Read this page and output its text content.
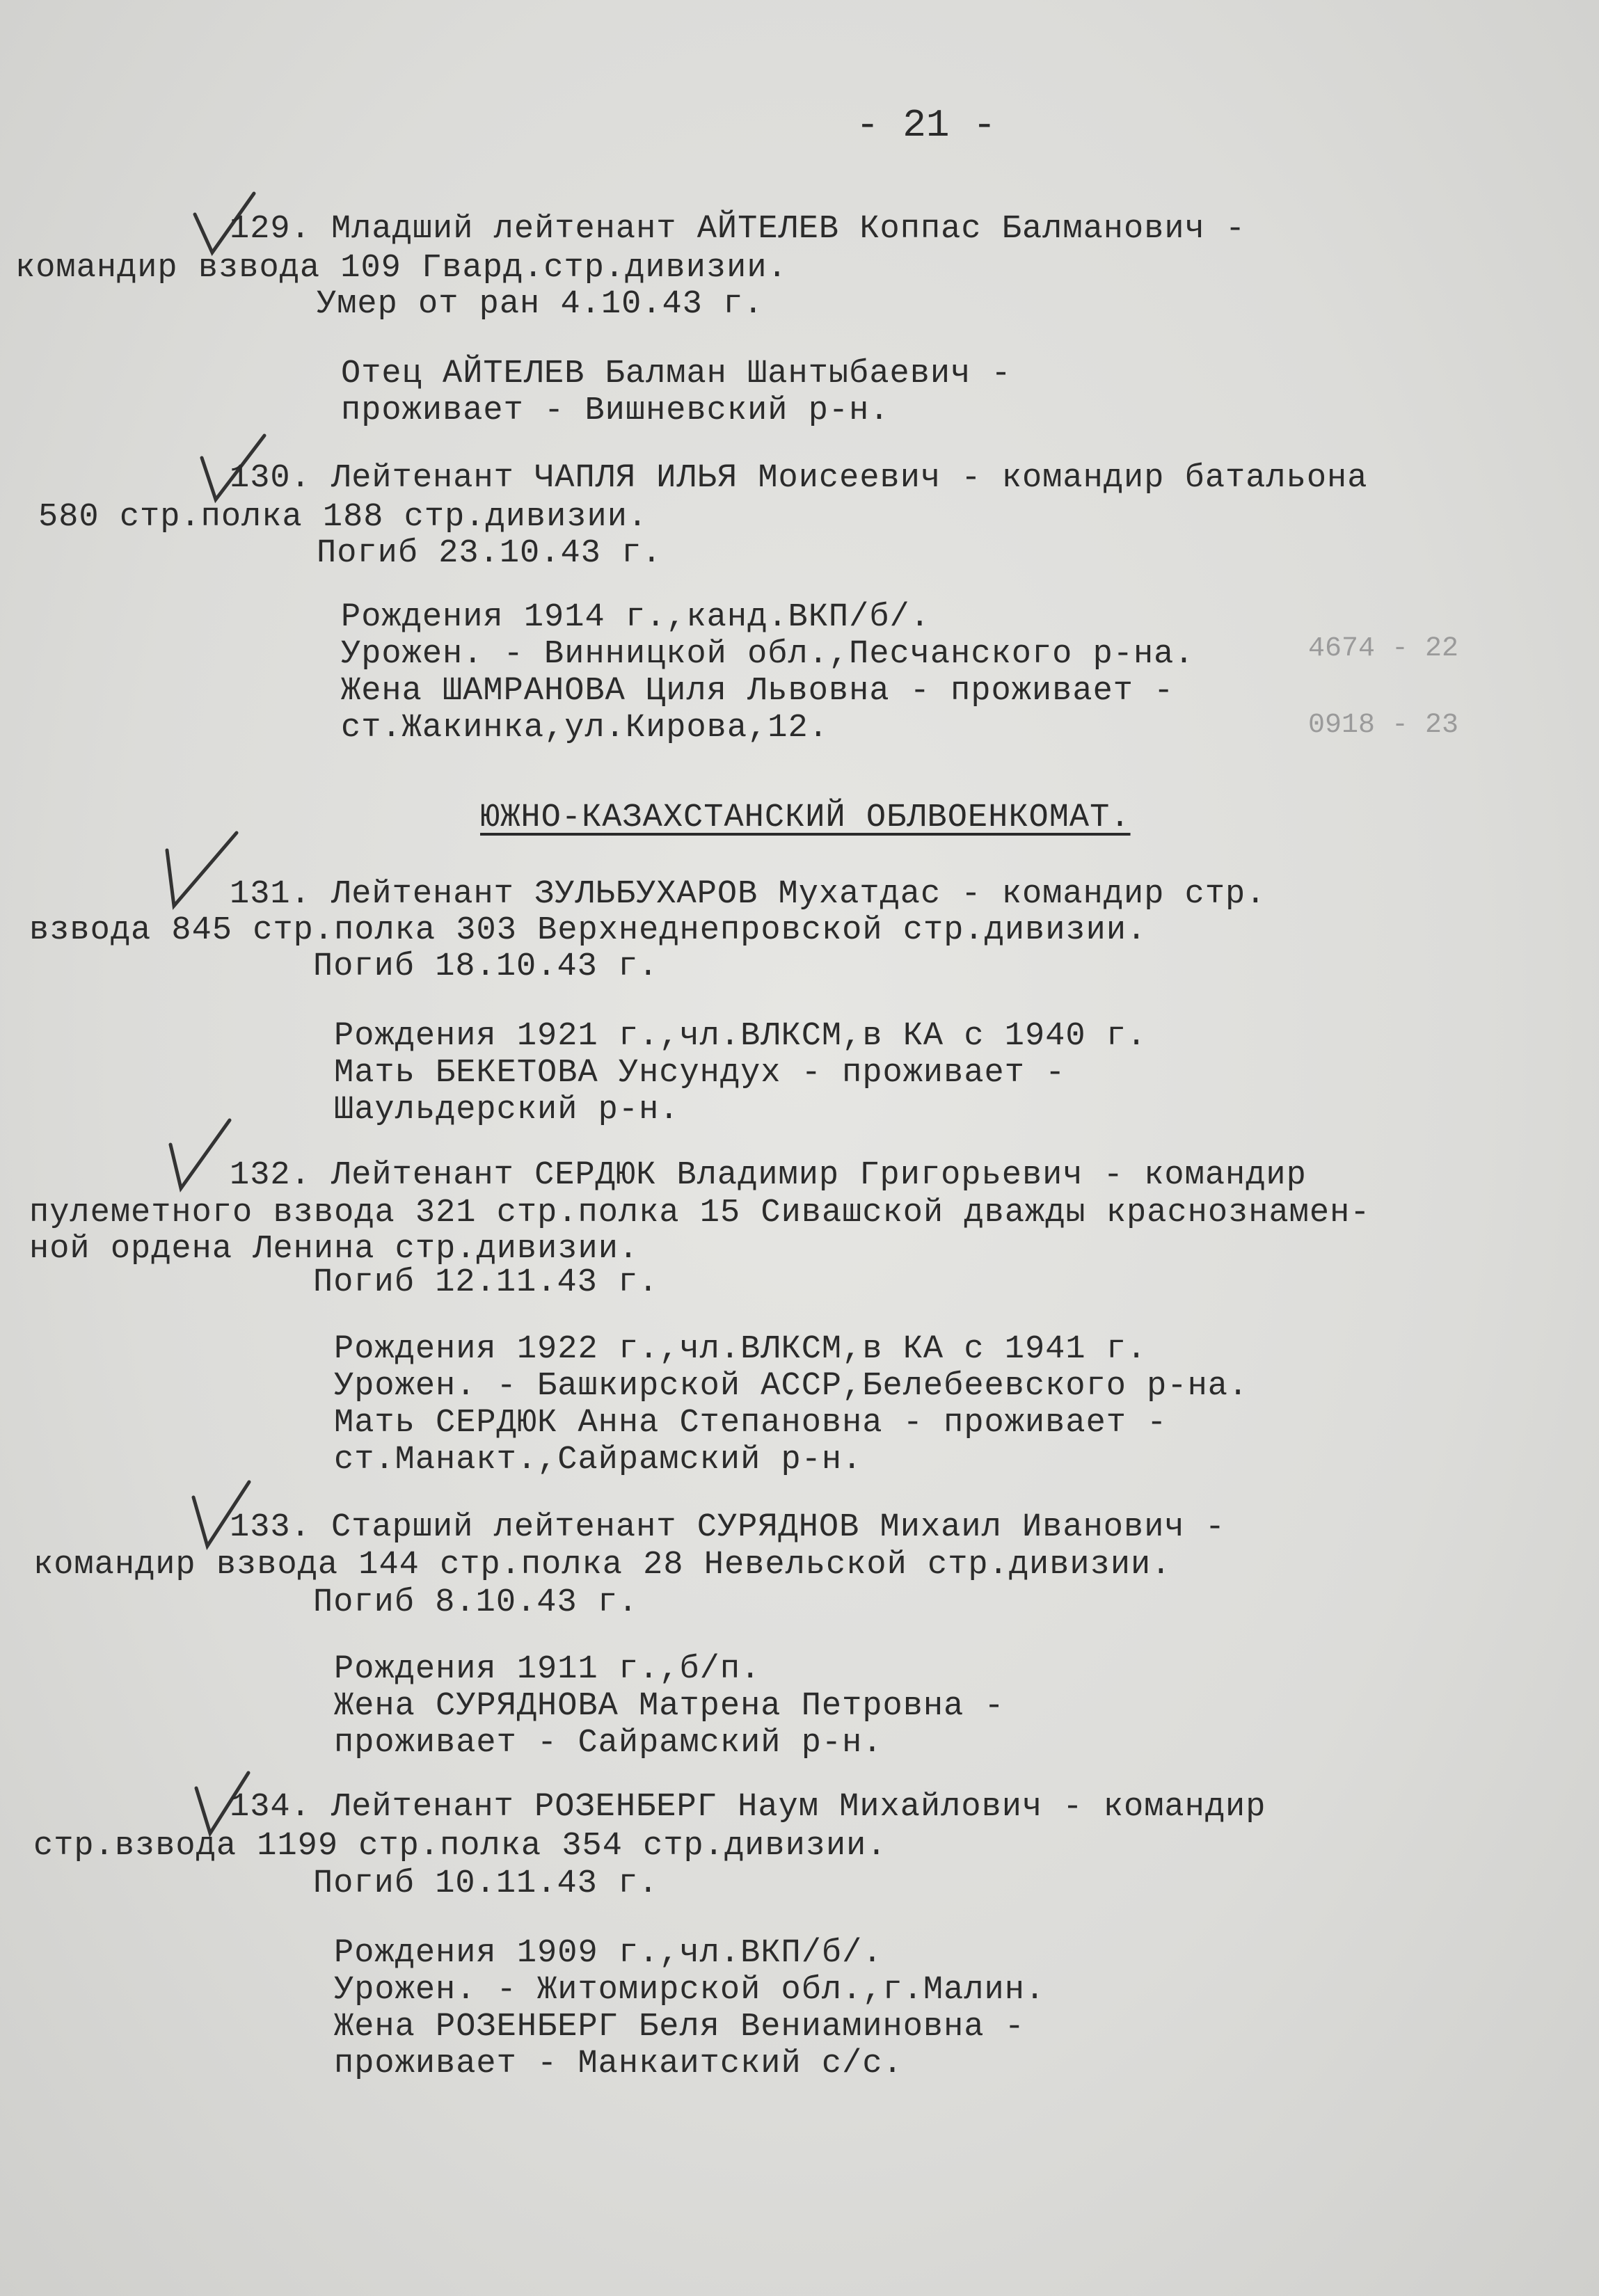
- 21 -
129. Младший лейтенант АЙТЕЛЕВ Коппас Балманович -
командир взвода 109 Гвард.стр.дивизии.
Умер от ран 4.10.43 г.
Отец АЙТЕЛЕВ Балман Шантыбаевич -
проживает - Вишневский р-н.
130. Лейтенант ЧАПЛЯ ИЛЬЯ Моисеевич - командир батальона
580 стр.полка 188 стр.дивизии.
Погиб 23.10.43 г.
Рождения 1914 г.,канд.ВКП/б/.
Урожен. - Винницкой обл.,Песчанского р-на.
Жена ШАМРАНОВА Циля Львовна - проживает -
ст.Жакинка,ул.Кирова,12.
4674 - 22
0918 - 23
ЮЖНО-КАЗАХСТАНСКИЙ ОБЛВОЕНКОМАТ.
131. Лейтенант ЗУЛЬБУХАРОВ Мухатдас - командир стр.
взвода 845 стр.полка 303 Верхнеднепровской стр.дивизии.
Погиб 18.10.43 г.
Рождения 1921 г.,чл.ВЛКСМ,в КА с 1940 г.
Мать БЕКЕТОВА Унсундух - проживает -
Шаульдерский р-н.
132. Лейтенант СЕРДЮК Владимир Григорьевич - командир
пулеметного взвода 321 стр.полка 15 Сивашской дважды краснознамен-
ной ордена Ленина стр.дивизии.
Погиб 12.11.43 г.
Рождения 1922 г.,чл.ВЛКСМ,в КА с 1941 г.
Урожен. - Башкирской АССР,Белебеевского р-на.
Мать СЕРДЮК Анна Степановна - проживает -
ст.Манакт.,Сайрамский р-н.
133. Старший лейтенант СУРЯДНОВ Михаил Иванович -
командир взвода 144 стр.полка 28 Невельской стр.дивизии.
Погиб 8.10.43 г.
Рождения 1911 г.,б/п.
Жена СУРЯДНОВА Матрена Петровна -
проживает - Сайрамский р-н.
134. Лейтенант РОЗЕНБЕРГ Наум Михайлович - командир
стр.взвода 1199 стр.полка 354 стр.дивизии.
Погиб 10.11.43 г.
Рождения 1909 г.,чл.ВКП/б/.
Урожен. - Житомирской обл.,г.Малин.
Жена РОЗЕНБЕРГ Беля Вениаминовна -
проживает - Манкаитский с/с.
